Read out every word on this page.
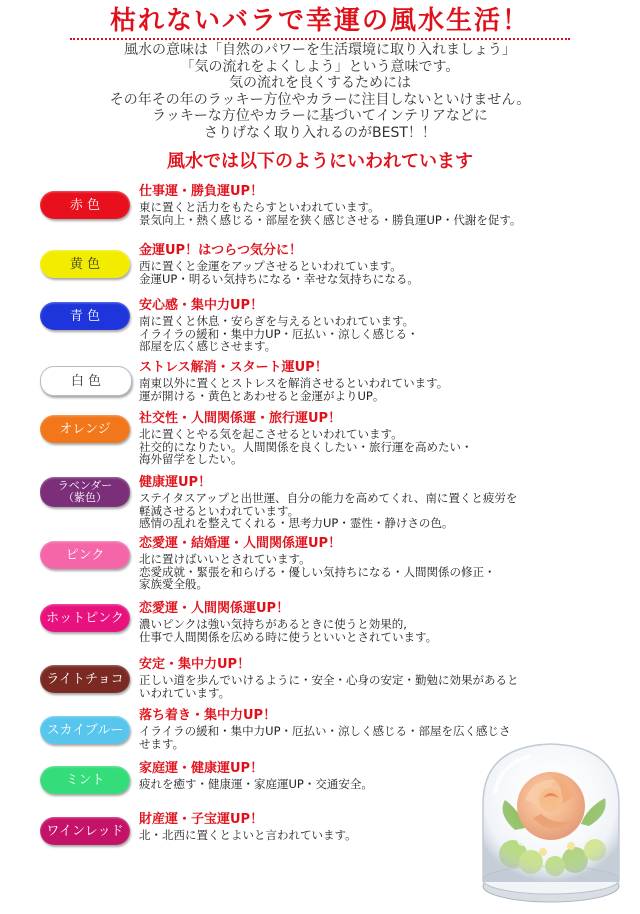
枯れないバラで幸運の風水生活！
風水の意味は「自然のパワーを生活環境に取り入れましょう」
「気の流れをよくしよう」という意味です。
気の流れを良くするためには
その年その年のラッキー方位やカラーに注目しないといけません。
ラッキーな方位やカラーに基づいてインテリアなどに
さりげなく取り入れるのがBEST！！
風水では以下のようにいわれています
赤 色
仕事運・勝負運UP！
東に置くと活力をもたらすといわれています。
景気向上・熱く感じる・部屋を狭く感じさせる・勝負運UP・代謝を促す。
黄 色
金運UP！はつらつ気分に！
西に置くと金運をアップさせるといわれています。
金運UP・明るい気持ちになる・幸せな気持ちになる。
青 色
安心感・集中力UP！
南に置くと休息・安らぎを与えるといわれています。
イライラの緩和・集中力UP・厄払い・涼しく感じる・
部屋を広く感じさせます。
白 色
ストレス解消・スタート運UP！
南東以外に置くとストレスを解消させるといわれています。
運が開ける・黄色とあわせると金運がよりUP。
オレンジ
社交性・人間関係運・旅行運UP！
北に置くとやる気を起こさせるといわれています。
社交的になりたい。人間関係を良くしたい・旅行運を高めたい・
海外留学をしたい。
ラベンダー
（紫色）
健康運UP！
ステイタスアップと出世運、自分の能力を高めてくれ、南に置くと疲労を
軽減させるといわれています。
感情の乱れを整えてくれる・思考力UP・霊性・静けさの色。
ピンク
恋愛運・結婚運・人間関係運UP！
北に置けばいいとされています。
恋愛成就・緊張を和らげる・優しい気持ちになる・人間関係の修正・
家族愛全般。
ホットピンク
恋愛運・人間関係運UP！
濃いピンクは強い気持ちがあるときに使うと効果的,
仕事で人間関係を広める時に使うといいとされています。
ライトチョコ
安定・集中力UP！
正しい道を歩んでいけるように・安全・心身の安定・勤勉に効果があると
いわれています。
スカイブルー
落ち着き・集中力UP！
イライラの緩和・集中力UP・厄払い・涼しく感じる・部屋を広く感じさ
せます。
ミント
家庭運・健康運UP！
疲れを癒す・健康運・家庭運UP・交通安全。
ワインレッド
財産運・子宝運UP！
北・北西に置くとよいと言われています。
